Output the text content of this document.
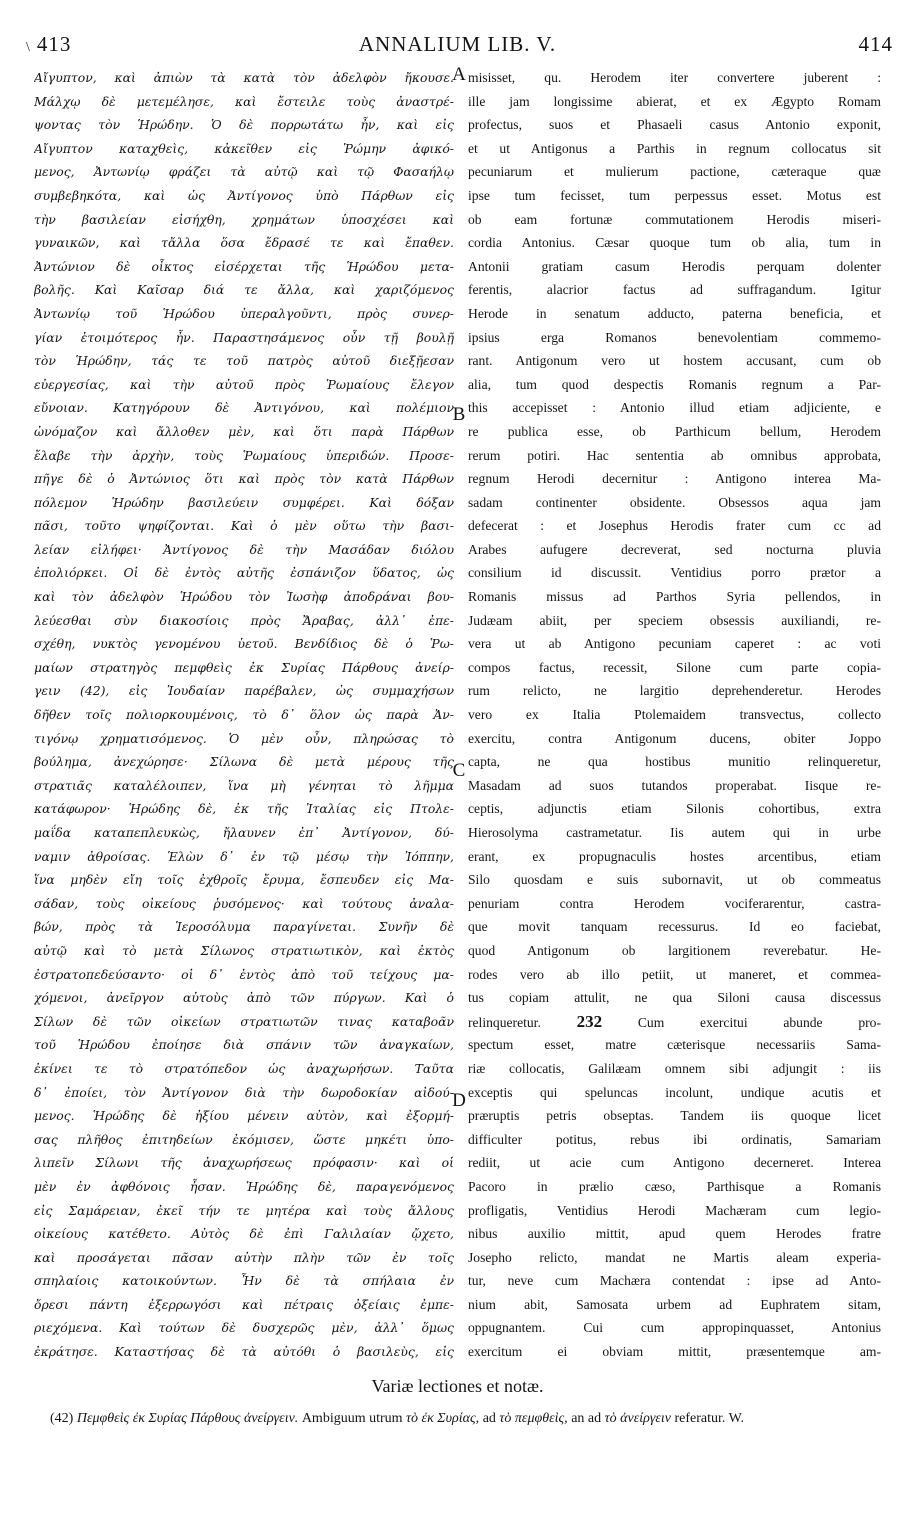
\ 413	ANNALIUM LIB. V.	414
Αἴγυπτον, καὶ ἀπιὼν τὰ κατὰ τὸν ἀδελφὸν ἤκουσε.
Μάλχῳ δὲ μετεμέλησε, καὶ ἔστειλε τοὺς ἀναστρέ-
ψοντας τὸν Ἡρώδην. Ὁ δὲ πορρωτάτω ἦν, καὶ εἰς
Αἴγυπτον καταχθεὶς, κἀκεῖθεν εἰς Ῥώμην ἀφικό-
μενος, Ἀντωνίῳ φράζει τὰ αὐτῷ καὶ τῷ Φασαήλῳ
συμβεβηκότα, καὶ ὡς Ἀντίγονος ὑπὸ Πάρθων εἰς
τὴν βασιλείαν εἰσήχθη, χρημάτων ὑποσχέσει καὶ
γυναικῶν, καὶ τἄλλα ὅσα ἔδρασέ τε καὶ ἔπαθεν.
Ἀντώνιον δὲ οἶκτος εἰσέρχεται τῆς Ἡρώδου μετα-
βολῆς. Καὶ Καῖσαρ διά τε ἄλλα, καὶ χαριζόμενος
Ἀντωνίῳ τοῦ Ἡρώδου ὑπεραλγοῦντι, πρὸς συνερ-
γίαν ἑτοιμότερος ἦν. Παραστησάμενος οὖν τῇ βουλῇ
τὸν Ἡρώδην, τάς τε τοῦ πατρὸς αὐτοῦ διεξῇεσαν
εὐεργεσίας, καὶ τὴν αὐτοῦ πρὸς Ῥωμαίους ἔλεγον
εὔνοιαν. Κατηγόρουν δὲ Ἀντιγόνου, καὶ πολέμιον
ὠνόμαζον καὶ ἄλλοθεν μὲν, καὶ ὅτι παρὰ Πάρθων
ἔλαβε τὴν ἀρχὴν, τοὺς Ῥωμαίους ὑπεριδών. Προσε-
πῆγε δὲ ὁ Ἀντώνιος ὅτι καὶ πρὸς τὸν κατὰ Πάρθων
πόλεμον Ἡρώδην βασιλεύειν συμφέρει. Καὶ δόξαν
πᾶσι, τοῦτο ψηφίζονται. Καὶ ὁ μὲν οὕτω τὴν βασι-
λείαν εἰλήφει· Ἀντίγονος δὲ τὴν Μασάδαν διόλου
ἐπολιόρκει. Οἱ δὲ ἐντὸς αὐτῆς ἐσπάνιζον ὕδατος, ὡς
καὶ τὸν ἀδελφὸν Ἡρώδου τὸν Ἰωσὴφ ἀποδράναι βου-
λεύεσθαι σὺν διακοσίοις πρὸς Ἄραβας, ἀλλ᾽ ἐπε-
σχέθη, νυκτὸς γενομένου ὑετοῦ. Βενδίδιος δὲ ὁ Ῥω-
μαίων στρατηγὸς πεμφθεὶς ἐκ Συρίας Πάρθους ἀνείρ-
γειν (42), εἰς Ἰουδαίαν παρέβαλεν, ὡς συμμαχήσων
δῆθεν τοῖς πολιορκουμένοις, τὸ δ᾽ ὅλον ὡς παρὰ Ἀν-
τιγόνῳ χρηματισόμενος. Ὁ μὲν οὖν, πληρώσας τὸ
βούλημα, ἀνεχώρησε· Σίλωνα δὲ μετὰ μέρους τῆς
στρατιᾶς καταλέλοιπεν, ἵνα μὴ γένηται τὸ λῆμμα
κατάφωρον· Ἡρώδης δὲ, ἐκ τῆς Ἰταλίας εἰς Πτολε-
μαΐδα καταπεπλευκὼς, ἤλαυνεν ἐπ᾽ Ἀντίγονον, δύ-
ναμιν ἀθροίσας. Ἑλὼν δ᾽ ἐν τῷ μέσῳ τὴν Ἰόππην,
ἵνα μηδὲν εἴη τοῖς ἐχθροῖς ἔρυμα, ἔσπευδεν εἰς Μα-
σάδαν, τοὺς οἰκείους ῥυσόμενος· καὶ τούτους ἀναλα-
βών, πρὸς τὰ Ἱεροσόλυμα παραγίνεται. Συνῆν δὲ
αὐτῷ καὶ τὸ μετὰ Σίλωνος στρατιωτικὸν, καὶ ἐκτὸς
ἐστρατοπεδεύσαντο· οἱ δ᾽ ἐντὸς ἀπὸ τοῦ τείχους μα-
χόμενοι, ἀνεῖργον αὐτοὺς ἀπὸ τῶν πύργων. Καὶ ὁ
Σίλων δὲ τῶν οἰκείων στρατιωτῶν τινας καταβοᾶν
τοῦ Ἡρώδου ἐποίησε διὰ σπάνιν τῶν ἀναγκαίων,
ἐκίνει τε τὸ στρατόπεδον ὡς ἀναχωρήσων. Ταῦτα
δ᾽ ἐποίει, τὸν Ἀντίγονον διὰ τὴν δωροδοκίαν αἰδού-
μενος. Ἡρώδης δὲ ἠξίου μένειν αὐτὸν, καὶ ἐξορμή-
σας πλῆθος ἐπιτηδείων ἐκόμισεν, ὥστε μηκέτι ὑπο-
λιπεῖν Σίλωνι τῆς ἀναχωρήσεως πρόφασιν· καὶ οἱ
μὲν ἐν ἀφθόνοις ἦσαν. Ἡρώδης δὲ, παραγενόμενος
εἰς Σαμάρειαν, ἐκεῖ τήν τε μητέρα καὶ τοὺς ἄλλους
οἰκείους κατέθετο. Αὐτὸς δὲ ἐπὶ Γαλιλαίαν ᾤχετο,
καὶ προσάγεται πᾶσαν αὐτὴν πλὴν τῶν ἐν τοῖς
σπηλαίοις κατοικούντων. Ἦν δὲ τὰ σπήλαια ἐν
ὄρεσι πάντη ἐξερρωγόσι καὶ πέτραις ὀξείαις ἐμπε-
ριεχόμενα. Καὶ τούτων δὲ δυσχερῶς μὲν, ἀλλ᾽ ὅμως
ἐκράτησε. Καταστήσας δὲ τὰ αὐτόθι ὁ βασιλεὺς, εἰς
misisset, qu. Herodem iter convertere juberent :
ille jam longissime abierat, et ex Ægypto Romam
profectus, suos et Phasaeli casus Antonio exponit,
et ut Antigonus a Parthis in regnum collocatus sit
pecuniarum et mulierum pactione, cæteraque quæ
ipse tum fecisset, tum perpessus esset. Motus est
ob eam fortunæ commutationem Herodis miseri-
cordia Antonius. Cæsar quoque tum ob alia, tum in
Antonii gratiam casum Herodis perquam dolenter
ferentis, alacrior factus ad suffragandum. Igitur
Herode in senatum adducto, paterna beneficia, et
ipsius erga Romanos benevolentiam commemo-
rant. Antigonum vero ut hostem accusant, cum ob
alia, tum quod despectis Romanis regnum a Par-
this accepisset : Antonio illud etiam adjiciente, e
re publica esse, ob Parthicum bellum, Herodem
rerum potiri. Hac sententia ab omnibus approbata,
regnum Herodi decernitur : Antigono interea Ma-
sadam continenter obsidente. Obsessos aqua jam
defecerat : et Josephus Herodis frater cum cc ad
Arabes aufugere decreverat, sed nocturna pluvia
consilium id discussit. Ventidius porro prætor a
Romanis missus ad Parthos Syria pellendos, in
Judæam abiit, per speciem obsessis auxiliandi, re-
vera ut ab Antigono pecuniam caperet : ac voti
compos factus, recessit, Silone cum parte copia-
rum relicto, ne largitio deprehenderetur. Herodes
vero ex Italia Ptolemaidem transvectus, collecto
exercitu, contra Antigonum ducens, obiter Joppo
capta, ne qua hostibus munitio relinqueretur,
Masadam ad suos tutandos properabat. Iisque re-
ceptis, adjunctis etiam Silonis cohortibus, extra
Hierosolyma castrametatur. Iis autem qui in urbe
erant, ex propugnaculis hostes arcentibus, etiam
Silo quosdam e suis subornavit, ut ob commeatus
penuriam contra Herodem vociferarentur, castra-
que movit tanquam recessurus. Id eo faciebat,
quod Antigonum ob largitionem reverebatur. He-
rodes vero ab illo petiit, ut maneret, et commea-
tus copiam attulit, ne qua Siloni causa discessus
relinqueretur. 232	Cum exercitui abunde pro-
spectum esset, matre cæterisque necessariis Sama-
riæ collocatis, Galilæam omnem sibi adjungit : iis
exceptis qui speluncas incolunt, undique acutis et
præruptis petris obseptas. Tandem iis quoque licet
difficulter potitus, rebus ibi ordinatis, Samariam
rediit, ut acie cum Antigono decerneret. Interea
Pacoro in prælio cæso, Parthisque a Romanis
profligatis, Ventidius Herodi Machæram cum legio-
nibus auxilio mittit, apud quem Herodes fratre
Josepho relicto, mandat ne Martis aleam experia-
tur, neve cum Machæra contendat : ipse ad Anto-
nium abit, Samosata urbem ad Euphratem sitam,
oppugnantem. Cui cum appropinquasset, Antonius
exercitum ei obviam mittit, præsentemque am-
A
B
C
D
Variæ lectiones et notæ.
(42) Πεμφθεὶς ἐκ Συρίας Πάρθους ἀνείργειν. Ambiguum utrum τὸ ἐκ Συρίας, ad τὸ πεμφθεὶς, an ad τὸ ἀνείργειν referatur. W.
